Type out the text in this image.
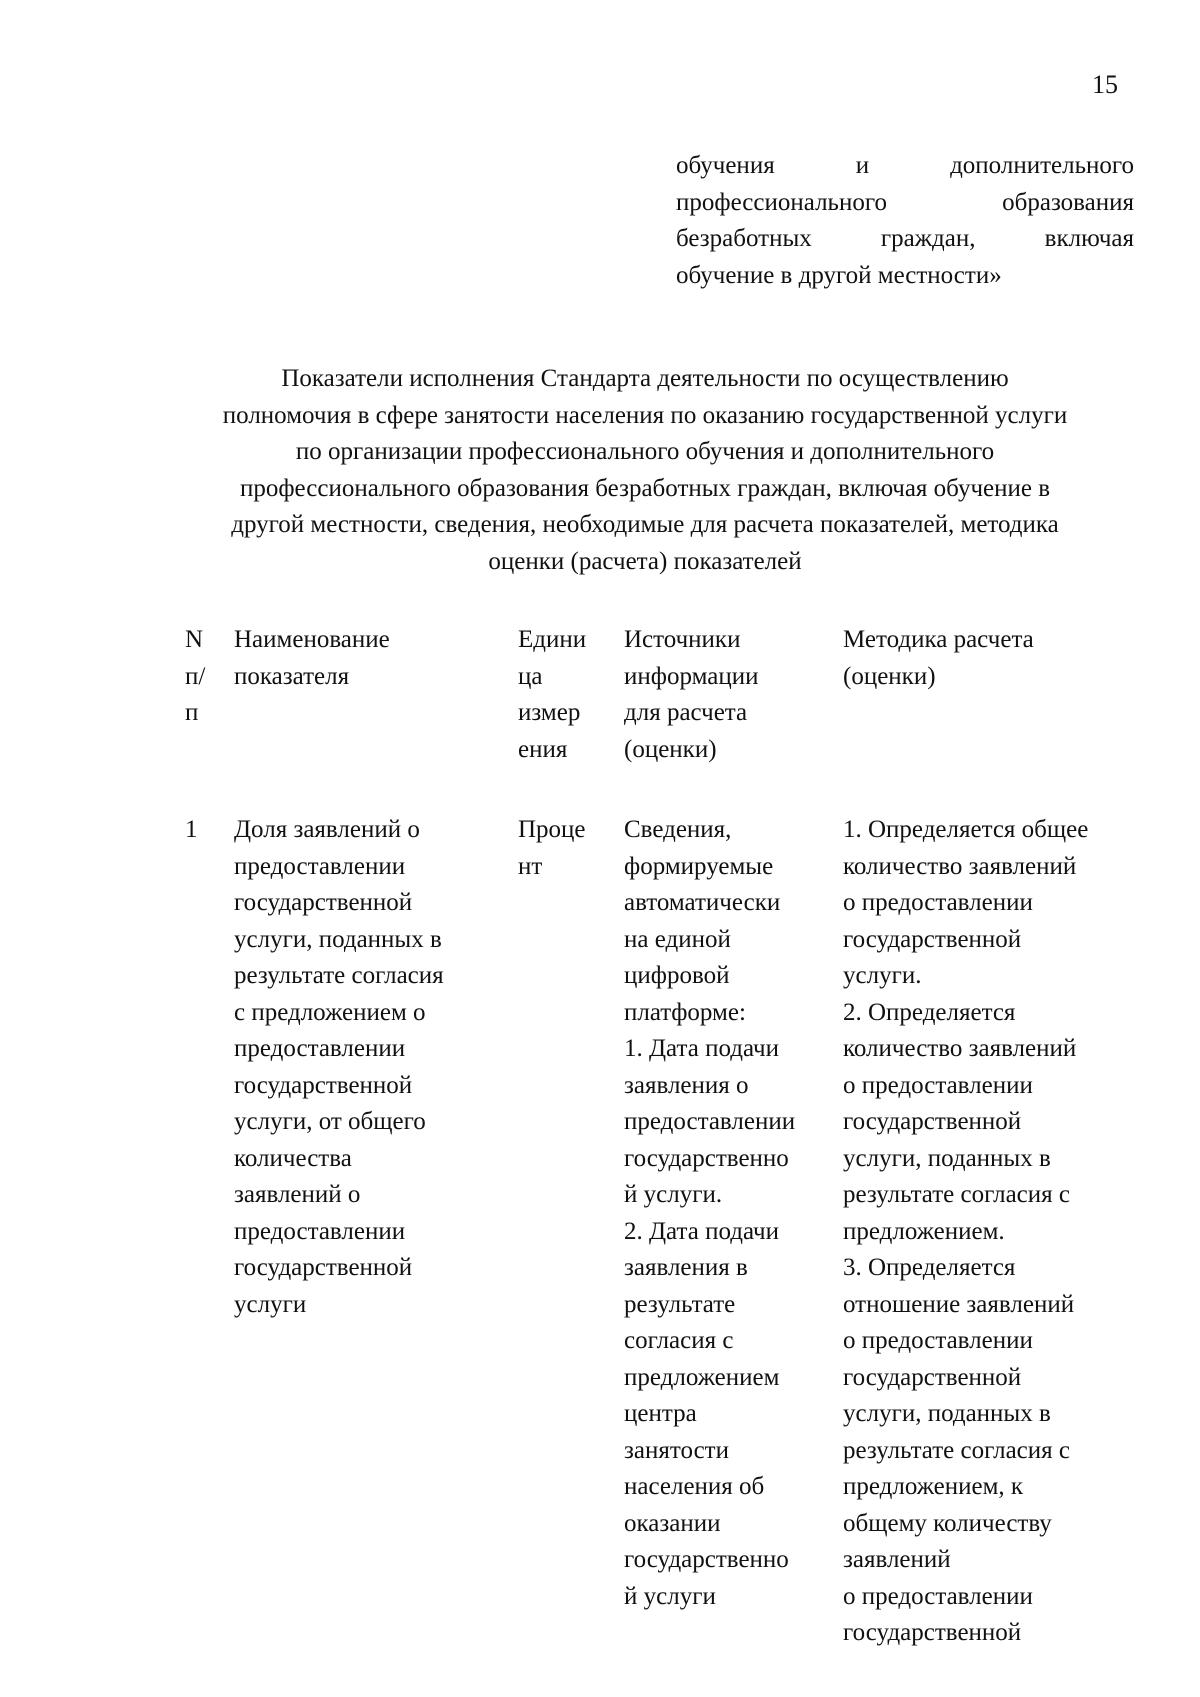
15
обучения и дополнительного
профессионального образования
безработных граждан, включая
обучение в другой местности»
Показатели исполнения Стандарта деятельности по осуществлению
полномочия в сфере занятости населения по оказанию государственной услуги
по организации профессионального обучения и дополнительного
профессионального образования безработных граждан, включая обучение в
другой местности, сведения, необходимые для расчета показателей, методика
оценки (расчета) показателей
N
п/
п
Наименование
показателя
Едини
ца
измер
ения
Источники
информации
для расчета
(оценки)
Методика расчета
(оценки)
1	Доля заявлений о
предоставлении
государственной
услуги, поданных в
результате согласия
с предложением о
предоставлении
государственной
услуги, от общего
количества
заявлений о
предоставлении
государственной
услуги
Проце
нт
Сведения,
формируемые
автоматически
на единой
цифровой
платформе:
1. Дата подачи
заявления о
предоставлении
государственно
й услуги.
2. Дата подачи
заявления в
результате
согласия с
предложением
центра
занятости
населения об
оказании
государственно
й услуги
1. Определяется общее
количество заявлений
о предоставлении
государственной
услуги.
2. Определяется
количество заявлений
о предоставлении
государственной
услуги, поданных в
результате согласия с
предложением.
3. Определяется
отношение заявлений
о предоставлении
государственной
услуги, поданных в
результате согласия с
предложением, к
общему количеству
заявлений
о предоставлении
государственной
